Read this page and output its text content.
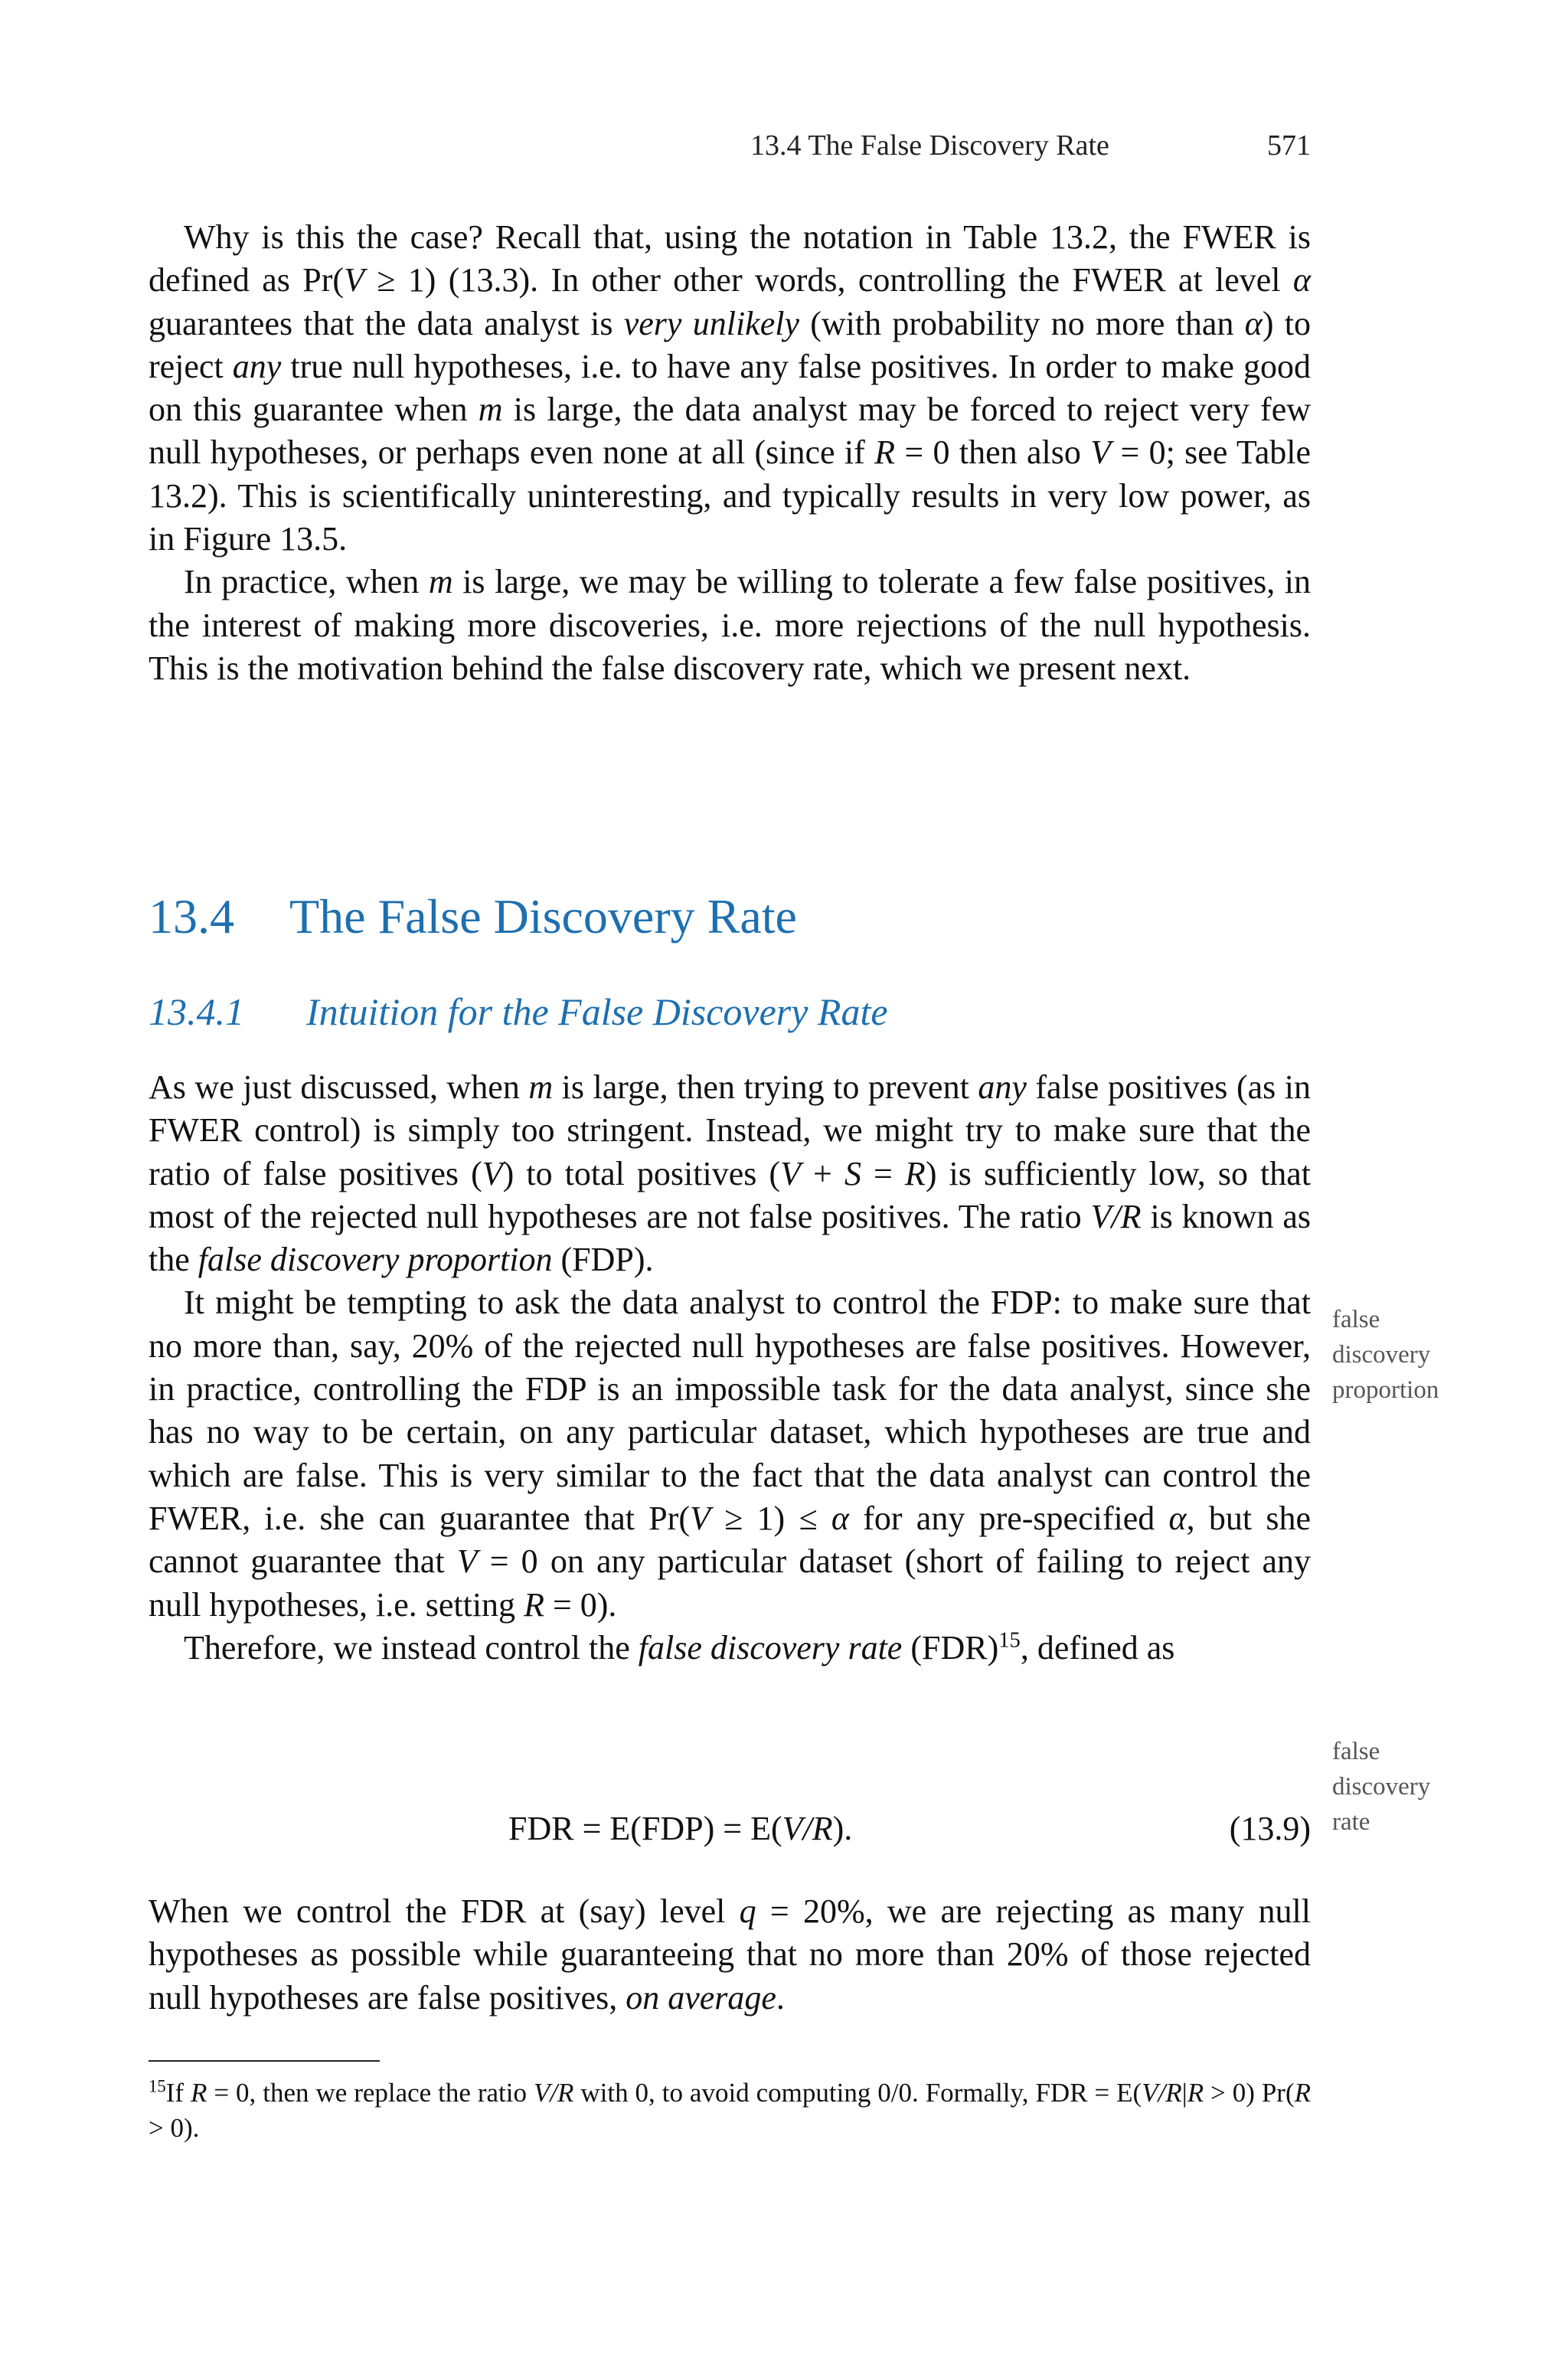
13.4 The False Discovery Rate	571

Why is this the case? Recall that, using the notation in Table 13.2, the FWER is defined as Pr(V ≥ 1) (13.3). In other other words, controlling the FWER at level α guarantees that the data analyst is very unlikely (with probability no more than α) to reject any true null hypotheses, i.e. to have any false positives. In order to make good on this guarantee when m is large, the data analyst may be forced to reject very few null hypotheses, or perhaps even none at all (since if R = 0 then also V = 0; see Table 13.2). This is scientifically uninteresting, and typically results in very low power, as in Figure 13.5.

In practice, when m is large, we may be willing to tolerate a few false positives, in the interest of making more discoveries, i.e. more rejections of the null hypothesis. This is the motivation behind the false discovery rate, which we present next.

13.4 The False Discovery Rate
13.4.1 Intuition for the False Discovery Rate

As we just discussed, when m is large, then trying to prevent any false positives (as in FWER control) is simply too stringent. Instead, we might try to make sure that the ratio of false positives (V) to total positives (V + S = R) is sufficiently low, so that most of the rejected null hypotheses are not false positives. The ratio V/R is known as the false discovery proportion (FDP).

It might be tempting to ask the data analyst to control the FDP: to make sure that no more than, say, 20% of the rejected null hypotheses are false positives. However, in practice, controlling the FDP is an impossible task for the data analyst, since she has no way to be certain, on any particular dataset, which hypotheses are true and which are false. This is very similar to the fact that the data analyst can control the FWER, i.e. she can guarantee that Pr(V ≥ 1) ≤ α for any pre-specified α, but she cannot guarantee that V = 0 on any particular dataset (short of failing to reject any null hypotheses, i.e. setting R = 0).

Therefore, we instead control the false discovery rate (FDR)$^{15}$, defined as

FDR = E(FDP) = E(V/R).	(13.9)

When we control the FDR at (say) level q = 20%, we are rejecting as many null hypotheses as possible while guaranteeing that no more than 20% of those rejected null hypotheses are false positives, on average.

false
discovery
proportion
false
discovery
rate
$^{15}$If R = 0, then we replace the ratio V/R with 0, to avoid computing 0/0. Formally, FDR = E(V/R|R > 0) Pr(R > 0).
